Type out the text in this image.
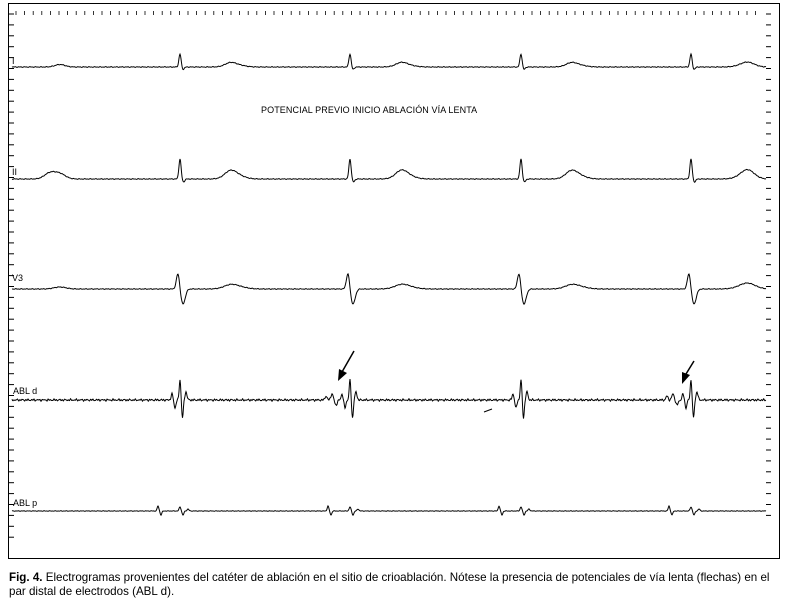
I
II
V3
ABL d
ABL p
POTENCIAL PREVIO INICIO ABLACIÓN VÍA LENTA
Fig. 4. Electrogramas provenientes del catéter de ablación en el sitio de crioablación. Nótese la presencia de potenciales de vía lenta (flechas) en el par distal de electrodos (ABL d).
